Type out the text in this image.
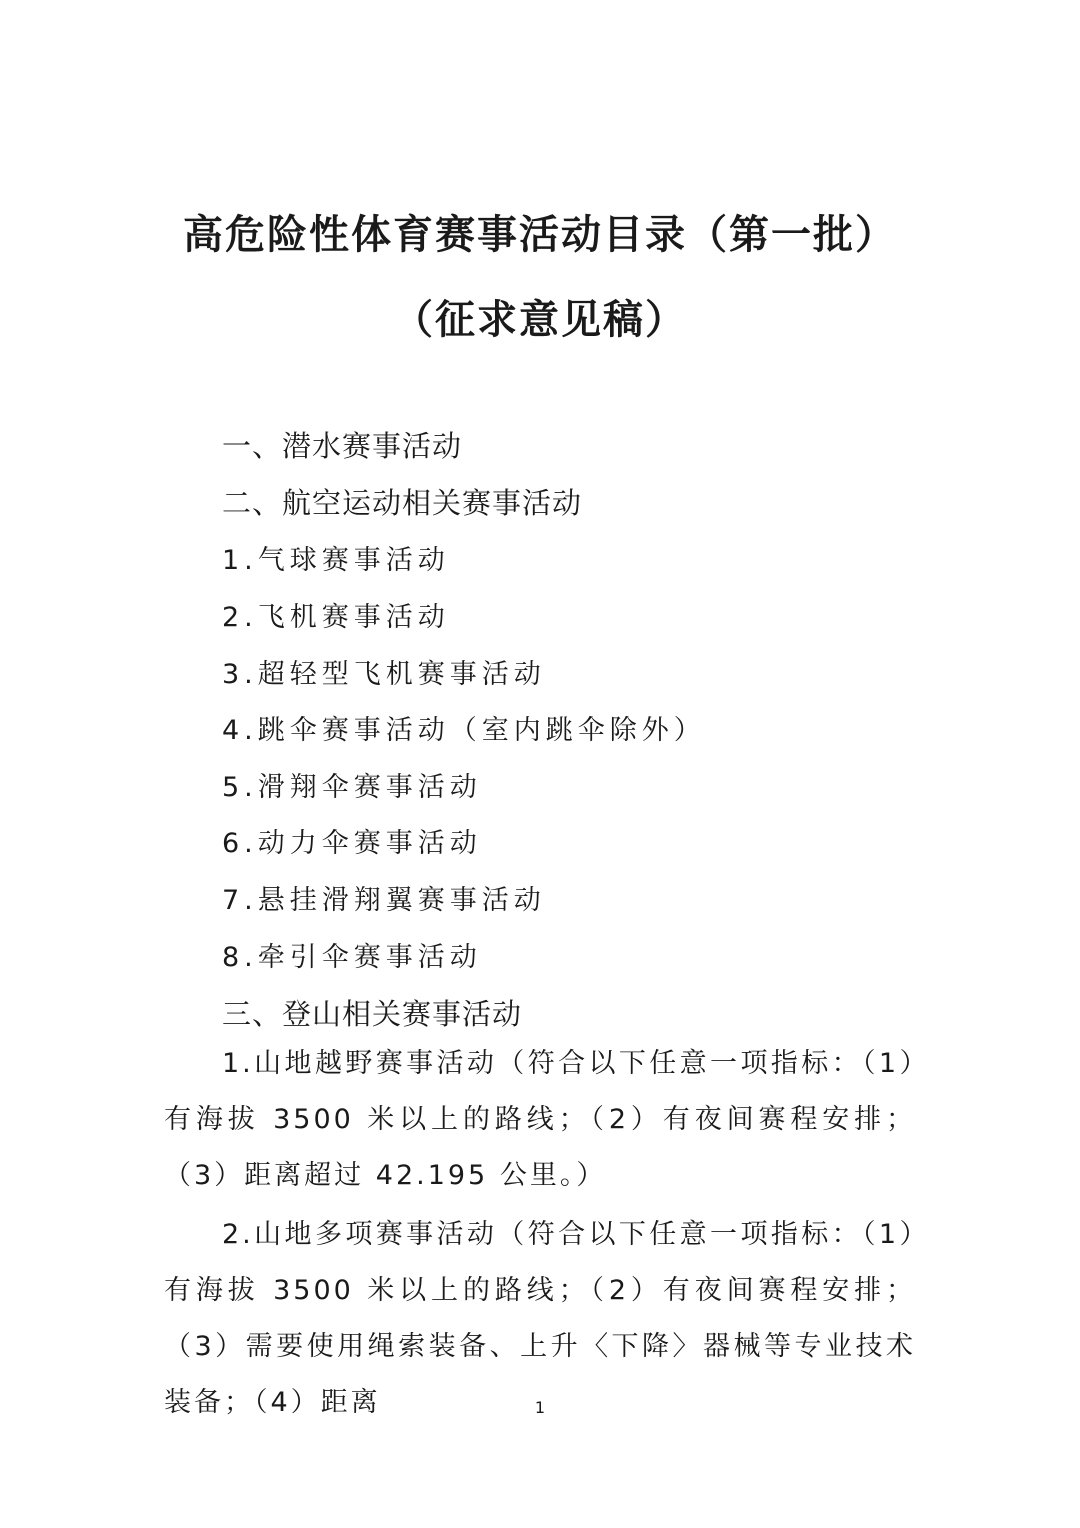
高危险性体育赛事活动目录（第一批）
（征求意见稿）
一、潜水赛事活动
二、航空运动相关赛事活动
1.气球赛事活动
2.飞机赛事活动
3.超轻型飞机赛事活动
4.跳伞赛事活动（室内跳伞除外）
5.滑翔伞赛事活动
6.动力伞赛事活动
7.悬挂滑翔翼赛事活动
8.牵引伞赛事活动
三、登山相关赛事活动

1.山地越野赛事活动（符合以下任意一项指标：（1）有海拔 3500 米以上的路线；（2）有夜间赛程安排；（3）距离超过 42.195 公里。）

2.山地多项赛事活动（符合以下任意一项指标：（1）有海拔 3500 米以上的路线；（2）有夜间赛程安排；（3）需要使用绳索装备、上升〈下降〉器械等专业技术装备；（4）距离	1
